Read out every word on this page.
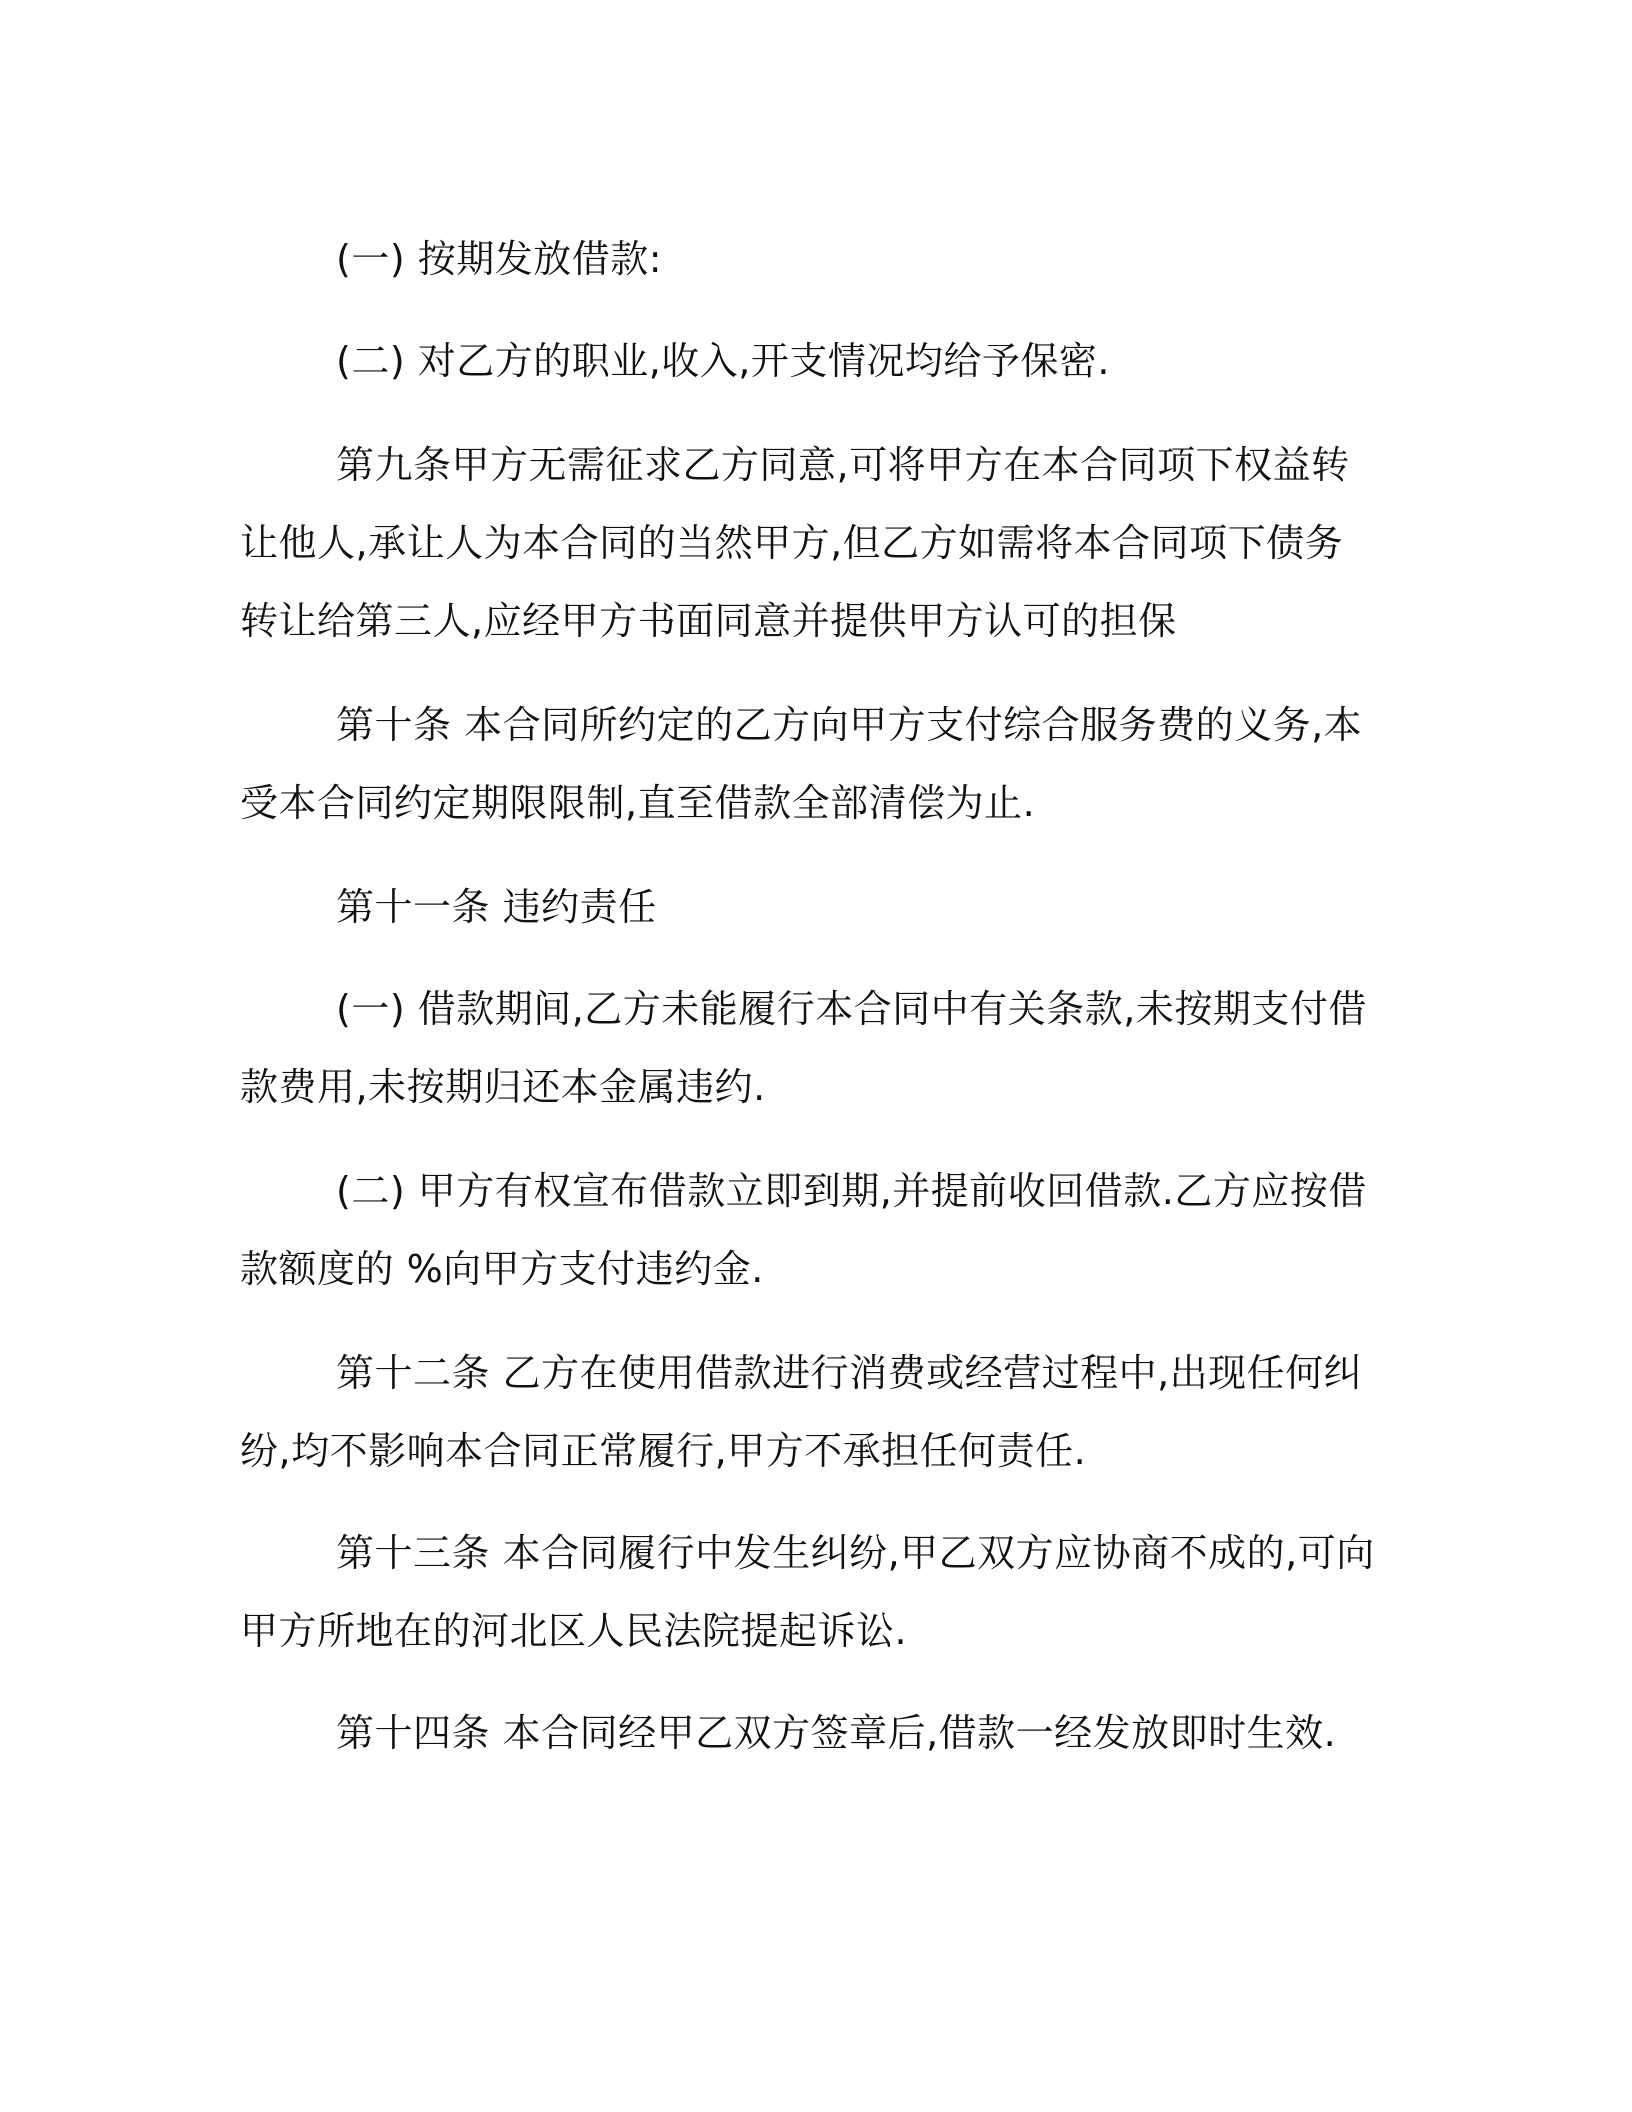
(一) 按期发放借款:

(二) 对乙方的职业,收入,开支情况均给予保密.

第九条甲方无需征求乙方同意,可将甲方在本合同项下权益转让他人,承让人为本合同的当然甲方,但乙方如需将本合同项下债务转让给第三人,应经甲方书面同意并提供甲方认可的担保

第十条 本合同所约定的乙方向甲方支付综合服务费的义务,本受本合同约定期限限制,直至借款全部清偿为止.

第十一条 违约责任

(一) 借款期间,乙方未能履行本合同中有关条款,未按期支付借款费用,未按期归还本金属违约.

(二) 甲方有权宣布借款立即到期,并提前收回借款.乙方应按借款额度的 %向甲方支付违约金.

第十二条 乙方在使用借款进行消费或经营过程中,出现任何纠纷,均不影响本合同正常履行,甲方不承担任何责任.

第十三条 本合同履行中发生纠纷,甲乙双方应协商不成的,可向甲方所地在的河北区人民法院提起诉讼.

第十四条 本合同经甲乙双方签章后,借款一经发放即时生效.
